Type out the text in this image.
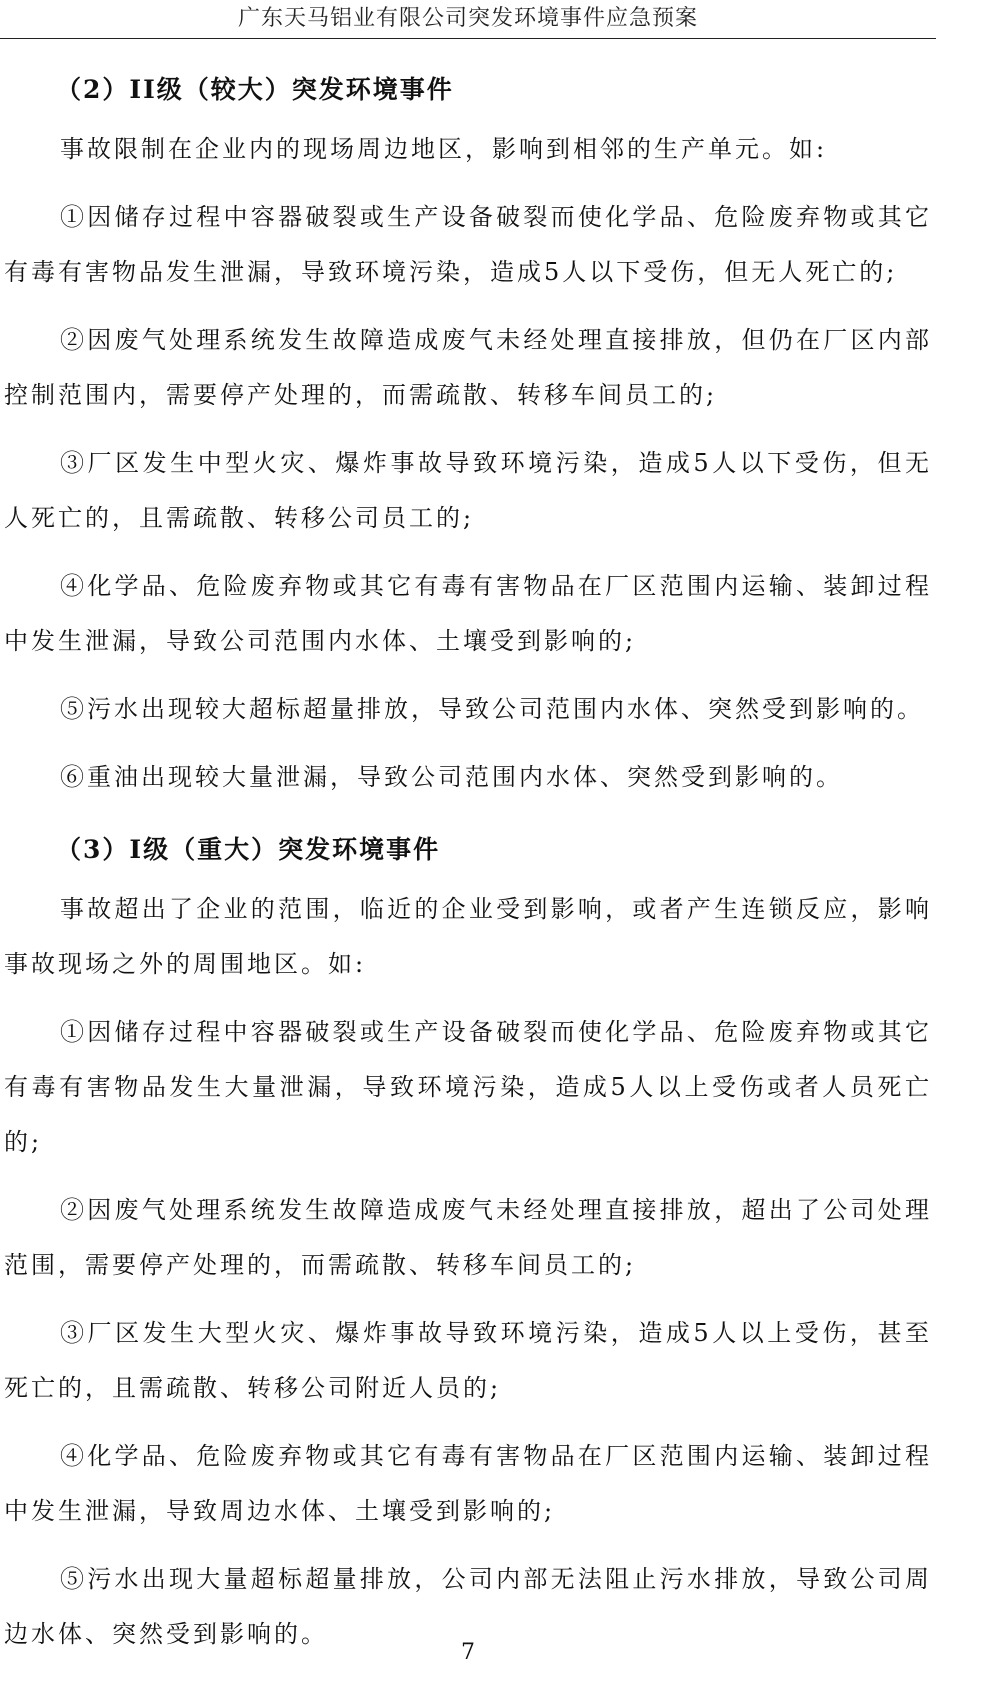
广东天马铝业有限公司突发环境事件应急预案
（2）II级（较大）突发环境事件

事故限制在企业内的现场周边地区，影响到相邻的生产单元。如:

①因储存过程中容器破裂或生产设备破裂而使化学品、危险废弃物或其它有毒有害物品发生泄漏，导致环境污染，造成5人以下受伤，但无人死亡的;

②因废气处理系统发生故障造成废气未经处理直接排放，但仍在厂区内部控制范围内，需要停产处理的，而需疏散、转移车间员工的;

③厂区发生中型火灾、爆炸事故导致环境污染，造成5人以下受伤，但无人死亡的，且需疏散、转移公司员工的;

④化学品、危险废弃物或其它有毒有害物品在厂区范围内运输、装卸过程中发生泄漏，导致公司范围内水体、土壤受到影响的;

⑤污水出现较大超标超量排放，导致公司范围内水体、突然受到影响的。

⑥重油出现较大量泄漏，导致公司范围内水体、突然受到影响的。

（3）I级（重大）突发环境事件

事故超出了企业的范围，临近的企业受到影响，或者产生连锁反应，影响事故现场之外的周围地区。如:

①因储存过程中容器破裂或生产设备破裂而使化学品、危险废弃物或其它有毒有害物品发生大量泄漏，导致环境污染，造成5人以上受伤或者人员死亡的;

②因废气处理系统发生故障造成废气未经处理直接排放，超出了公司处理范围，需要停产处理的，而需疏散、转移车间员工的;

③厂区发生大型火灾、爆炸事故导致环境污染，造成5人以上受伤，甚至死亡的，且需疏散、转移公司附近人员的;

④化学品、危险废弃物或其它有毒有害物品在厂区范围内运输、装卸过程中发生泄漏，导致周边水体、土壤受到影响的;

⑤污水出现大量超标超量排放，公司内部无法阻止污水排放，导致公司周边水体、突然受到影响的。

7
